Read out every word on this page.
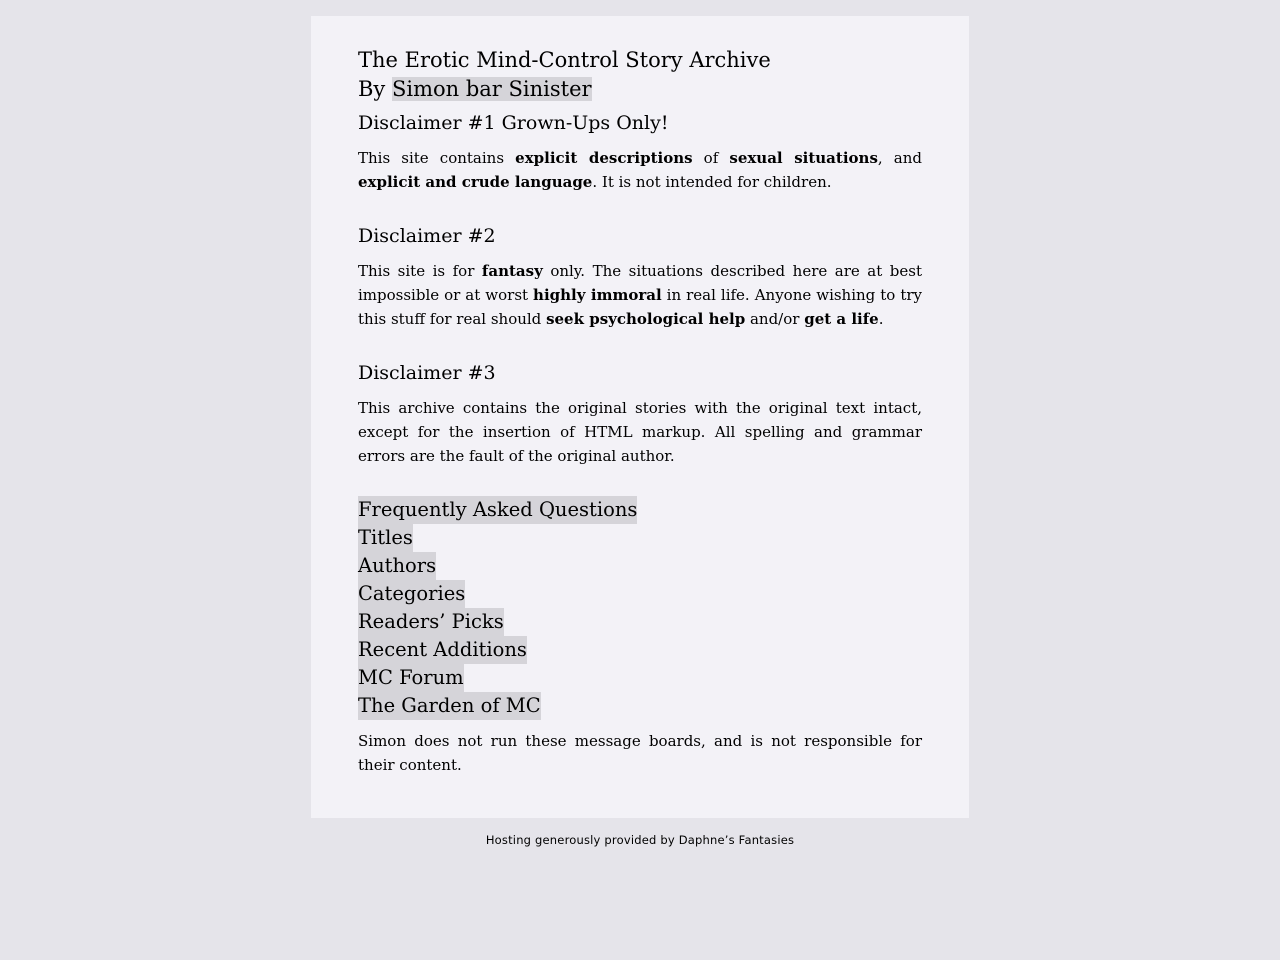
The Erotic Mind-Control Story Archive
By Simon bar Sinister
Disclaimer #1 Grown-Ups Only!

This site contains explicit descriptions of sexual situations, and explicit and crude language. It is not intended for children.

Disclaimer #2

This site is for fantasy only. The situations described here are at best impossible or at worst highly immoral in real life. Anyone wishing to try this stuff for real should seek psychological help and/or get a life.

Disclaimer #3

This archive contains the original stories with the original text intact, except for the insertion of HTML markup. All spelling and grammar errors are the fault of the original author.

Frequently Asked Questions
Titles
Authors
Categories
Readers’ Picks
Recent Additions
MC Forum
The Garden of MC

Simon does not run these message boards, and is not responsible for their content.

Hosting generously provided by Daphne’s Fantasies
